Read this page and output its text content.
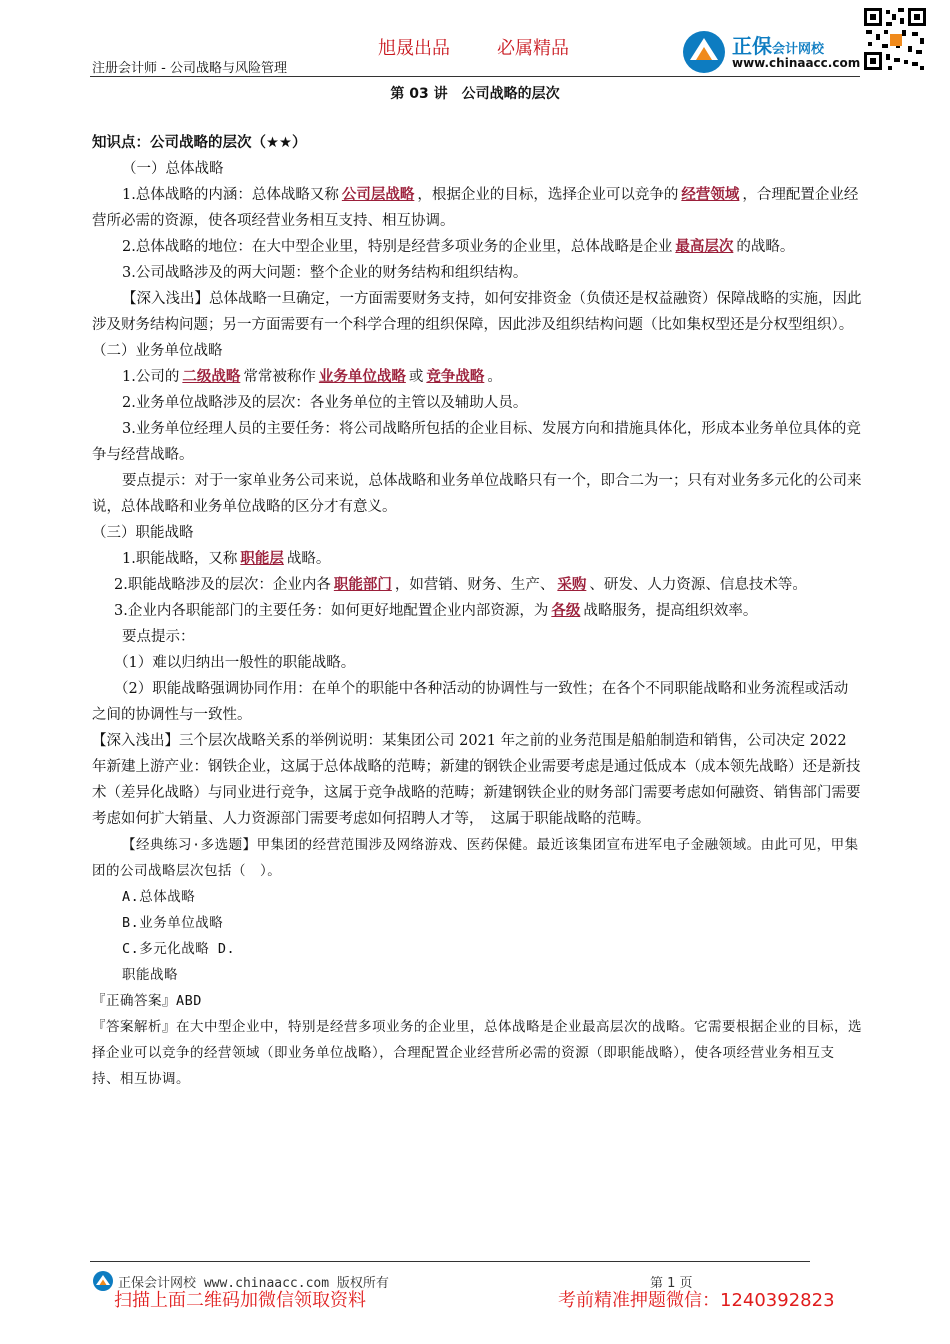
旭晟出品	必属精品
注册会计师 - 公司战略与风险管理
正保会计网校
www.chinaacc.com
第 03 讲　公司战略的层次

知识点：公司战略的层次（★★）

（一）总体战略

1.总体战略的内涵：总体战略又称 公司层战略 ，根据企业的目标，选择企业可以竞争的 经营领域 ，合理配置企业经营所必需的资源，使各项经营业务相互支持、相互协调。

2.总体战略的地位：在大中型企业里，特别是经营多项业务的企业里，总体战略是企业 最高层次 的战略。

3.公司战略涉及的两大问题：整个企业的财务结构和组织结构。

【深入浅出】总体战略一旦确定，一方面需要财务支持，如何安排资金（负债还是权益融资）保障战略的实施，因此涉及财务结构问题；另一方面需要有一个科学合理的组织保障，因此涉及组织结构问题（比如集权型还是分权型组织）。

（二）业务单位战略

1.公司的 二级战略 常常被称作 业务单位战略 或 竞争战略 。

2.业务单位战略涉及的层次：各业务单位的主管以及辅助人员。

3.业务单位经理人员的主要任务：将公司战略所包括的企业目标、发展方向和措施具体化，形成本业务单位具体的竞争与经营战略。

要点提示：对于一家单业务公司来说，总体战略和业务单位战略只有一个，即合二为一；只有对业务多元化的公司来说，总体战略和业务单位战略的区分才有意义。

（三）职能战略

1.职能战略，又称 职能层 战略。

2.职能战略涉及的层次：企业内各 职能部门 ，如营销、财务、生产、 采购 、研发、人力资源、信息技术等。

3.企业内各职能部门的主要任务：如何更好地配置企业内部资源，为 各级 战略服务，提高组织效率。

要点提示：

（1）难以归纳出一般性的职能战略。

（2）职能战略强调协同作用：在单个的职能中各种活动的协调性与一致性；在各个不同职能战略和业务流程或活动之间的协调性与一致性。

【深入浅出】三个层次战略关系的举例说明：某集团公司 2021 年之前的业务范围是船舶制造和销售，公司决定 2022 年新建上游产业：钢铁企业，这属于总体战略的范畴；新建的钢铁企业需要考虑是通过低成本（成本领先战略）还是新技术（差异化战略）与同业进行竞争，这属于竞争战略的范畴；新建钢铁企业的财务部门需要考虑如何融资、销售部门需要考虑如何扩大销量、人力资源部门需要考虑如何招聘人才等，　这属于职能战略的范畴。

【经典练习·多选题】甲集团的经营范围涉及网络游戏、医药保健。最近该集团宣布进军电子金融领域。由此可见，甲集团的公司战略层次包括（　）。

A.总体战略

B.业务单位战略

C.多元化战略 D.

职能战略

『正确答案』ABD

『答案解析』在大中型企业中，特别是经营多项业务的企业里，总体战略是企业最高层次的战略。它需要根据企业的目标，选择企业可以竞争的经营领域（即业务单位战略），合理配置企业经营所必需的资源（即职能战略），使各项经营业务相互支持、相互协调。

正保会计网校 www.chinaacc.com 版权所有	第 1 页
扫描上面二维码加微信领取资料	考前精准押题微信：1240392823
